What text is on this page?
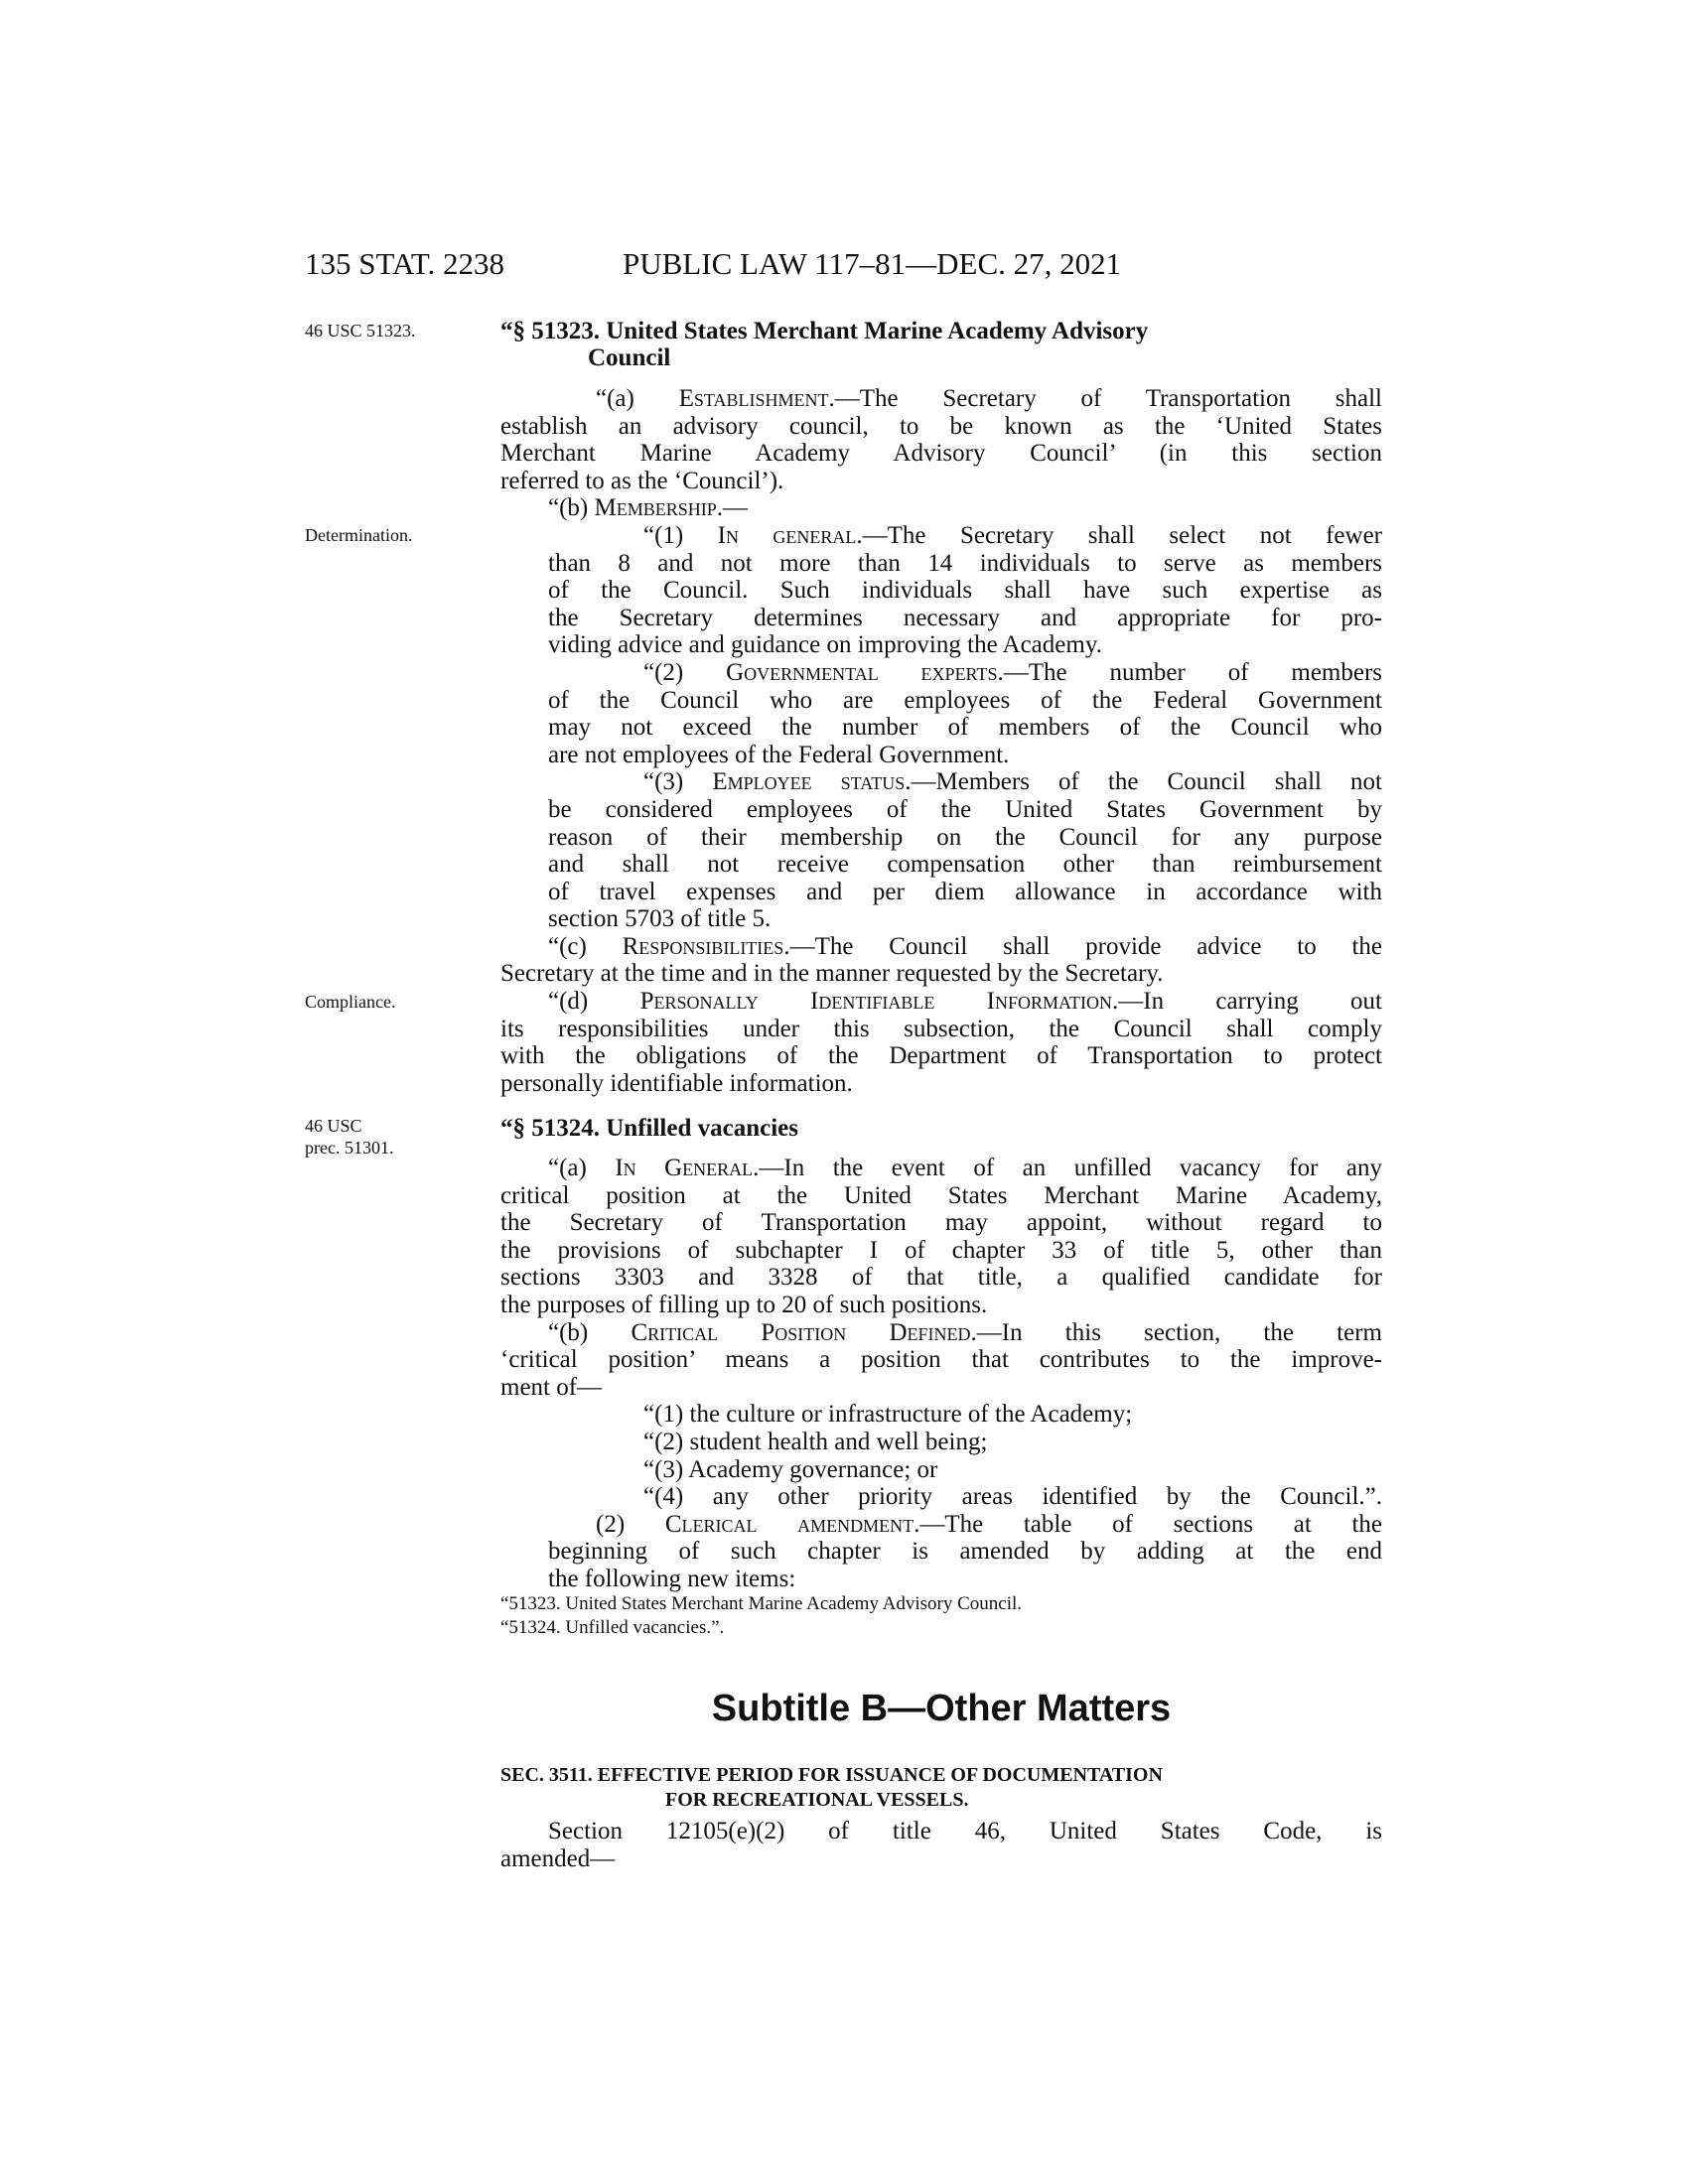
135 STAT. 2238	PUBLIC LAW 117–81—DEC. 27, 2021
46 USC 51323.
Determination.
Compliance.
46 USC
prec. 51301.
“§ 51323. United States Merchant Marine Academy Advisory
Council

“(a) Establishment.—The Secretary of Transportation shall

establish an advisory council, to be known as the ‘United States

Merchant Marine Academy Advisory Council’ (in this section

referred to as the ‘Council’).

“(b) Membership.—

“(1) In general.—The Secretary shall select not fewer

than 8 and not more than 14 individuals to serve as members

of the Council. Such individuals shall have such expertise as

the Secretary determines necessary and appropriate for pro-

viding advice and guidance on improving the Academy.

“(2) Governmental experts.—The number of members

of the Council who are employees of the Federal Government

may not exceed the number of members of the Council who

are not employees of the Federal Government.

“(3) Employee status.—Members of the Council shall not

be considered employees of the United States Government by

reason of their membership on the Council for any purpose

and shall not receive compensation other than reimbursement

of travel expenses and per diem allowance in accordance with

section 5703 of title 5.

“(c) Responsibilities.—The Council shall provide advice to the

Secretary at the time and in the manner requested by the Secretary.

“(d) Personally Identifiable Information.—In carrying out

its responsibilities under this subsection, the Council shall comply

with the obligations of the Department of Transportation to protect

personally identifiable information.

“§ 51324. Unfilled vacancies

“(a) In General.—In the event of an unfilled vacancy for any

critical position at the United States Merchant Marine Academy,

the Secretary of Transportation may appoint, without regard to

the provisions of subchapter I of chapter 33 of title 5, other than

sections 3303 and 3328 of that title, a qualified candidate for

the purposes of filling up to 20 of such positions.

“(b) Critical Position Defined.—In this section, the term

‘critical position’ means a position that contributes to the improve-

ment of—

“(1) the culture or infrastructure of the Academy;

“(2) student health and well being;

“(3) Academy governance; or

“(4) any other priority areas identified by the Council.”.

(2) Clerical amendment.—The table of sections at the

beginning of such chapter is amended by adding at the end

the following new items:

“51323. United States Merchant Marine Academy Advisory Council.
“51324. Unfilled vacancies.”.
Subtitle B—Other Matters
SEC. 3511. EFFECTIVE PERIOD FOR ISSUANCE OF DOCUMENTATION
FOR RECREATIONAL VESSELS.

Section 12105(e)(2) of title 46, United States Code, is

amended—
